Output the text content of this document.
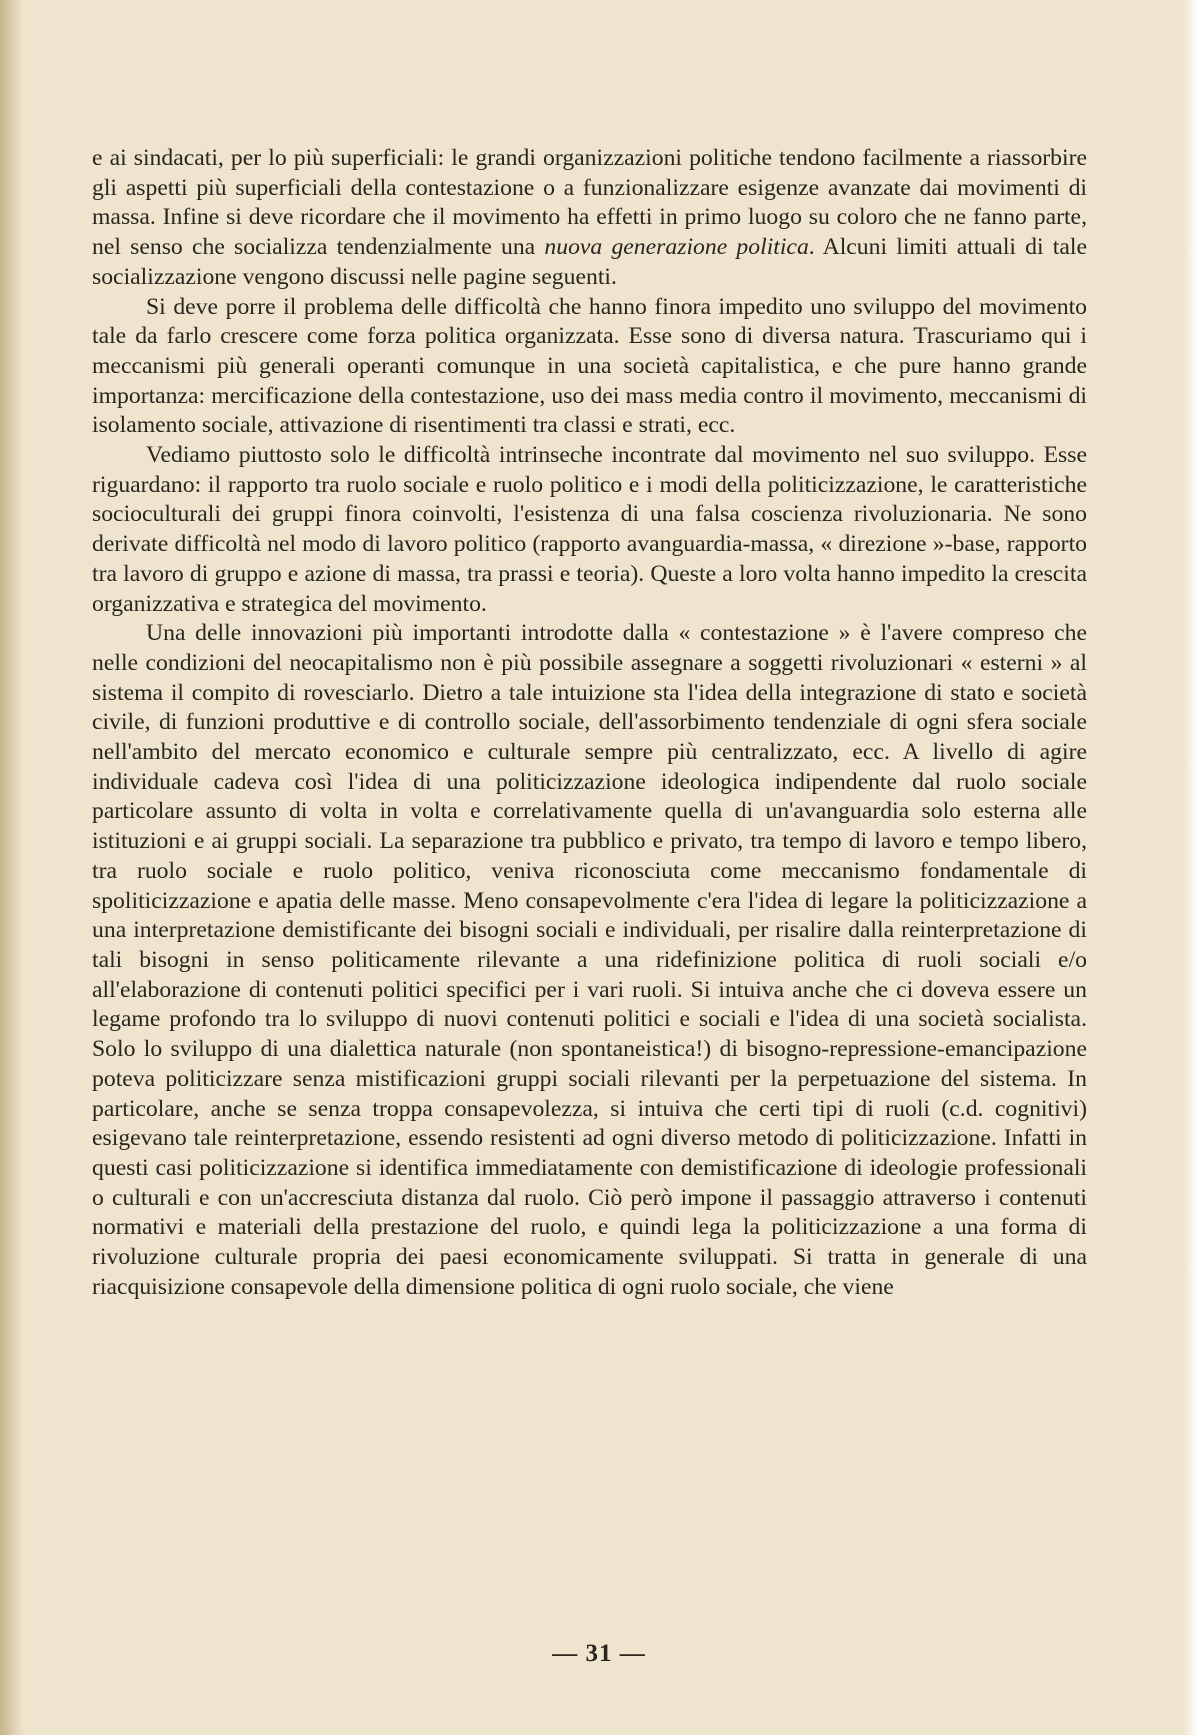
e ai sindacati, per lo più superficiali: le grandi organizzazioni politiche tendono facilmente a riassorbire gli aspetti più superficiali della contestazione o a funzionalizzare esigenze avanzate dai movimenti di massa. Infine si deve ricordare che il movimento ha effetti in primo luogo su coloro che ne fanno parte, nel senso che socializza tendenzialmente una nuova generazione politica. Alcuni limiti attuali di tale socializzazione vengono discussi nelle pagine seguenti.

Si deve porre il problema delle difficoltà che hanno finora impedito uno sviluppo del movimento tale da farlo crescere come forza politica organizzata. Esse sono di diversa natura. Trascuriamo qui i meccanismi più generali operanti comunque in una società capitalistica, e che pure hanno grande importanza: mercificazione della contestazione, uso dei mass media contro il movimento, meccanismi di isolamento sociale, attivazione di risentimenti tra classi e strati, ecc.

Vediamo piuttosto solo le difficoltà intrinseche incontrate dal movimento nel suo sviluppo. Esse riguardano: il rapporto tra ruolo sociale e ruolo politico e i modi della politicizzazione, le caratteristiche socioculturali dei gruppi finora coinvolti, l'esistenza di una falsa coscienza rivoluzionaria. Ne sono derivate difficoltà nel modo di lavoro politico (rapporto avanguardia-massa, « direzione »-base, rapporto tra lavoro di gruppo e azione di massa, tra prassi e teoria). Queste a loro volta hanno impedito la crescita organizzativa e strategica del movimento.

Una delle innovazioni più importanti introdotte dalla « contestazione » è l'avere compreso che nelle condizioni del neocapitalismo non è più possibile assegnare a soggetti rivoluzionari « esterni » al sistema il compito di rovesciarlo. Dietro a tale intuizione sta l'idea della integrazione di stato e società civile, di funzioni produttive e di controllo sociale, dell'assorbimento tendenziale di ogni sfera sociale nell'ambito del mercato economico e culturale sempre più centralizzato, ecc. A livello di agire individuale cadeva così l'idea di una politicizzazione ideologica indipendente dal ruolo sociale particolare assunto di volta in volta e correlativamente quella di un'avanguardia solo esterna alle istituzioni e ai gruppi sociali. La separazione tra pubblico e privato, tra tempo di lavoro e tempo libero, tra ruolo sociale e ruolo politico, veniva riconosciuta come meccanismo fondamentale di spoliticizzazione e apatia delle masse. Meno consapevolmente c'era l'idea di legare la politicizzazione a una interpretazione demistificante dei bisogni sociali e individuali, per risalire dalla reinterpretazione di tali bisogni in senso politicamente rilevante a una ridefinizione politica di ruoli sociali e/o all'elaborazione di contenuti politici specifici per i vari ruoli. Si intuiva anche che ci doveva essere un legame profondo tra lo sviluppo di nuovi contenuti politici e sociali e l'idea di una società socialista. Solo lo sviluppo di una dialettica naturale (non spontaneistica!) di bisogno-repressione-emancipazione poteva politicizzare senza mistificazioni gruppi sociali rilevanti per la perpetuazione del sistema. In particolare, anche se senza troppa consapevolezza, si intuiva che certi tipi di ruoli (c.d. cognitivi) esigevano tale reinterpretazione, essendo resistenti ad ogni diverso metodo di politicizzazione. Infatti in questi casi politicizzazione si identifica immediatamente con demistificazione di ideologie professionali o culturali e con un'accresciuta distanza dal ruolo. Ciò però impone il passaggio attraverso i contenuti normativi e materiali della prestazione del ruolo, e quindi lega la politicizzazione a una forma di rivoluzione culturale propria dei paesi economicamente sviluppati. Si tratta in generale di una riacquisizione consapevole della dimensione politica di ogni ruolo sociale, che viene

— 31 —
